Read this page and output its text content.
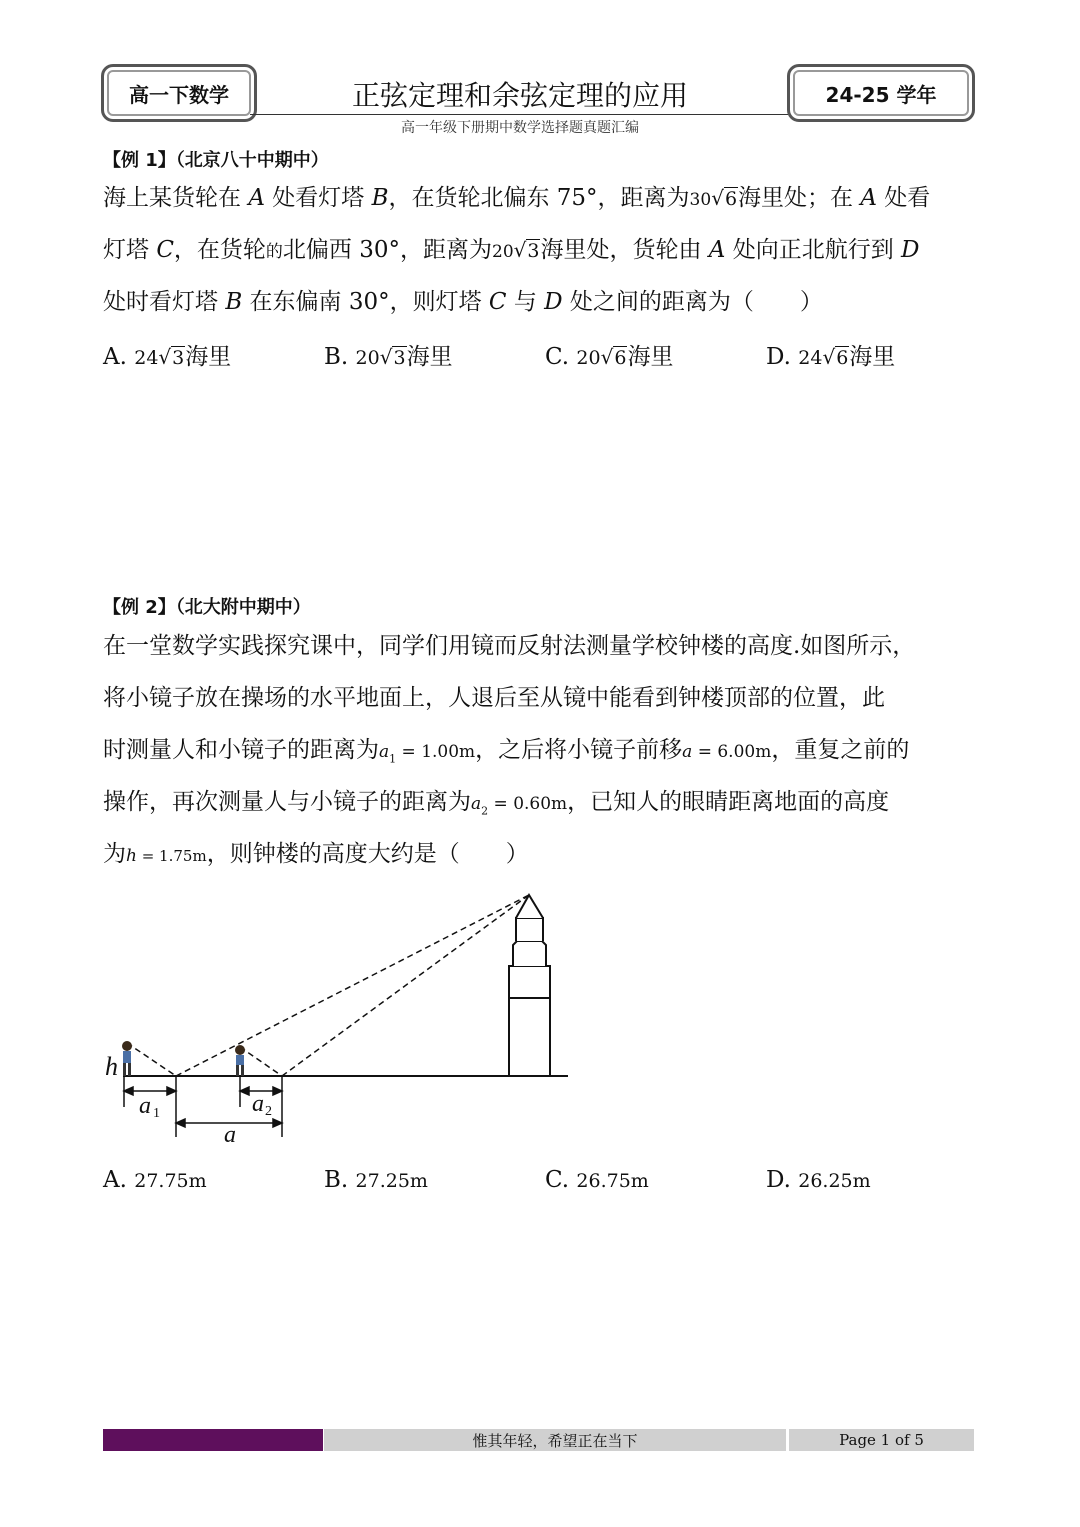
高一下数学	正弦定理和余弦定理的应用
高一年级下册期中数学选择题真题汇编
24-25 学年
【例 1】（北京八十中期中）

海上某货轮在 A 处看灯塔 B，在货轮北偏东 75°，距离为30√6海里处；在 A 处看

灯塔 C，在货轮的北偏西 30°，距离为20√3海里处，货轮由 A 处向正北航行到 D

处时看灯塔 B 在东偏南 30°，则灯塔 C 与 D 处之间的距离为（　　）

A. 24√3海里	B. 20√3海里	C. 20√6海里	D. 24√6海里
【例 2】（北大附中期中）

在一堂数学实践探究课中，同学们用镜而反射法测量学校钟楼的高度.如图所示，

将小镜子放在操场的水平地面上，人退后至从镜中能看到钟楼顶部的位置，此

时测量人和小镜子的距离为$a_1 = 1.00m$，之后将小镜子前移a = 6.00m，重复之前的

操作，再次测量人与小镜子的距离为$a_2 = 0.60m$，已知人的眼睛距离地面的高度

为h = 1.75m，则钟楼的高度大约是（　　）

h
a 1	a 2
a
A. 27.75m	B. 27.25m	C. 26.75m	D. 26.25m
惟其年轻，希望正在当下	Page 1 of 5
